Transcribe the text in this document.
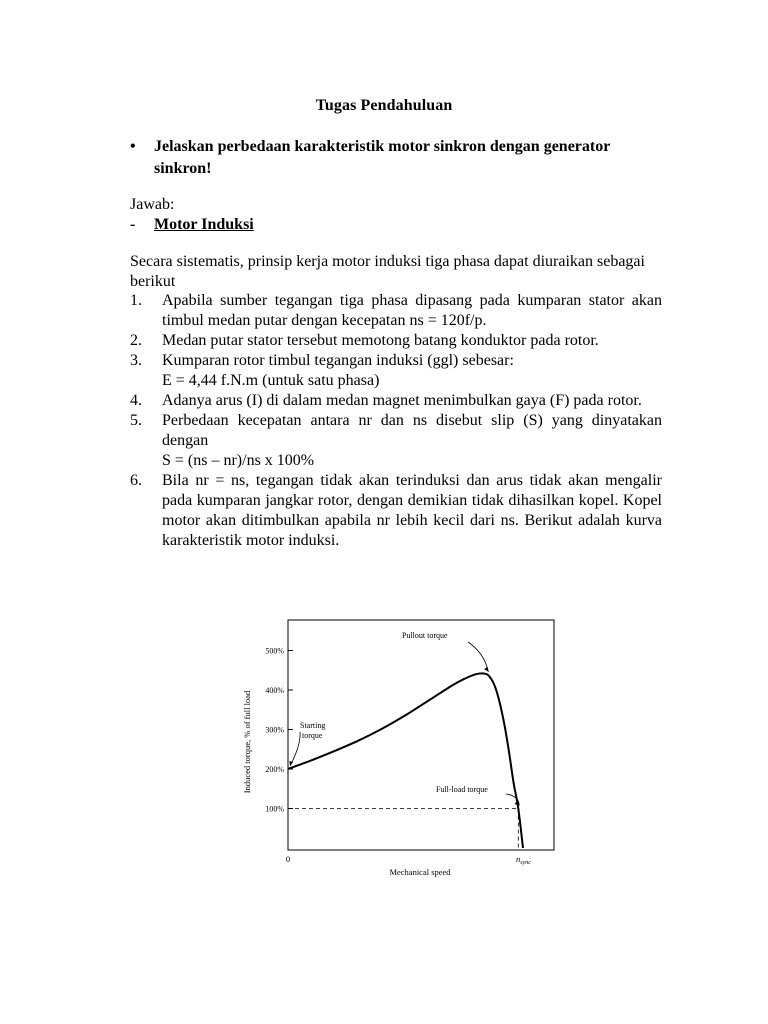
Tugas Pendahuluan
• Jelaskan perbedaan karakteristik motor sinkron dengan generator sinkron!
Jawab:
- Motor Induksi
Secara sistematis, prinsip kerja motor induksi tiga phasa dapat diuraikan sebagai berikut
1. Apabila sumber tegangan tiga phasa dipasang pada kumparan stator akan timbul medan putar dengan kecepatan ns = 120f/p.
2. Medan putar stator tersebut memotong batang konduktor pada rotor.
3. Kumparan rotor timbul tegangan induksi (ggl) sebesar:
E = 4,44 f.N.m (untuk satu phasa)
4. Adanya arus (I) di dalam medan magnet menimbulkan gaya (F) pada rotor.
5. Perbedaan kecepatan antara nr dan ns disebut slip (S) yang dinyatakan dengan
S = (ns – nr)/ns x 100%
6. Bila nr = ns, tegangan tidak akan terinduksi dan arus tidak akan mengalir pada kumparan jangkar rotor, dengan demikian tidak dihasilkan kopel. Kopel motor akan ditimbulkan apabila nr lebih kecil dari ns. Berikut adalah kurva karakteristik motor induksi.
Induced torque, % of full load
Mechanical speed
0	$n_{sync}$
Pullout torque
Starting
torque
Full-load torque
500%
400%
300%
200%
100%
